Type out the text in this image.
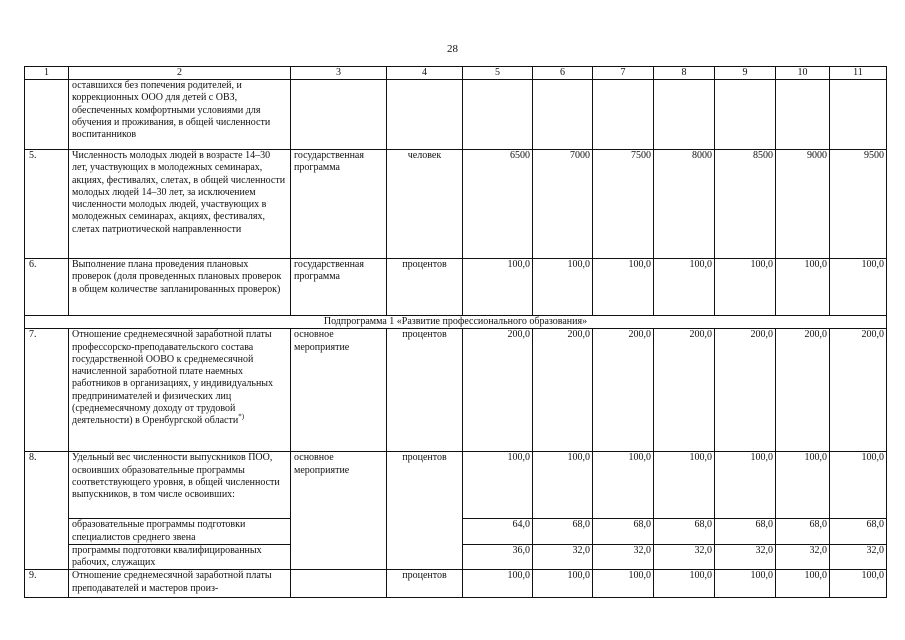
28
1	2	3	4	5	6	7	8	9	10	11
	оставшихся без попечения родителей, и коррекционных ООО для детей с ОВЗ, обеспеченных комфортными условиями для обучения и проживания, в общей численности воспитанников									
5.	Численность молодых людей в возрасте 14–30 лет, участвующих в молодежных семинарах, акциях, фестивалях, слетах, в общей численности молодых людей 14–30 лет, за исключением численности молодых людей, участвующих в молодежных семинарах, акциях, фестивалях, слетах патриотической направленности	государственная программа	человек	6500	7000	7500	8000	8500	9000	9500
6.	Выполнение плана проведения плановых проверок (доля проведенных плановых проверок в общем количестве запланированных проверок)	государственная программа	процентов	100,0	100,0	100,0	100,0	100,0	100,0	100,0
Подпрограмма 1 «Развитие профессионального образования»										
7.	Отношение среднемесячной заработной платы профессорско-преподавательского состава государственной ООВО к среднемесячной начисленной заработной плате наемных работников в организациях, у индивидуальных предпринимателей и физических лиц (среднемесячному доходу от трудовой деятельности) в Оренбургской области*)	основное мероприятие	процентов	200,0	200,0	200,0	200,0	200,0	200,0	200,0
8.	Удельный вес численности выпускников ПОО, освоивших образовательные программы соответствующего уровня, в общей численности выпускников, в том числе освоивших:	основное мероприятие	процентов	100,0	100,0	100,0	100,0	100,0	100,0	100,0
	образовательные программы подготовки специалистов среднего звена			64,0	68,0	68,0	68,0	68,0	68,0	68,0
	программы подготовки квалифицированных рабочих, служащих			36,0	32,0	32,0	32,0	32,0	32,0	32,0
9.	Отношение среднемесячной заработной платы преподавателей и мастеров произ-		процентов	100,0	100,0	100,0	100,0	100,0	100,0	100,0
